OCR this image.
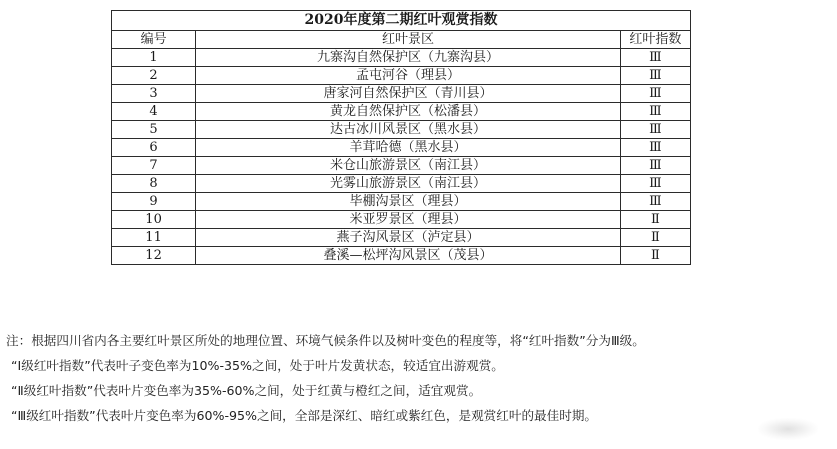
2020年度第二期红叶观赏指数		
编号	红叶景区	红叶指数
1	九寨沟自然保护区（九寨沟县）	Ⅲ
2	孟屯河谷（理县）	Ⅲ
3	唐家河自然保护区（青川县）	Ⅲ
4	黄龙自然保护区（松潘县）	Ⅲ
5	达古冰川风景区（黑水县）	Ⅲ
6	羊茸哈德（黑水县）	Ⅲ
7	米仓山旅游景区（南江县）	Ⅲ
8	光雾山旅游景区（南江县）	Ⅲ
9	毕棚沟景区（理县）	Ⅲ
10	米亚罗景区（理县）	Ⅱ
11	燕子沟风景区（泸定县）	Ⅱ
12	叠溪—松坪沟风景区（茂县）	Ⅱ
注：根据四川省内各主要红叶景区所处的地理位置、环境气候条件以及树叶变色的程度等，将“红叶指数”分为Ⅲ级。
“Ⅰ级红叶指数”代表叶子变色率为10%-35%之间，处于叶片发黄状态，较适宜出游观赏。
“Ⅱ级红叶指数”代表叶片变色率为35%-60%之间，处于红黄与橙红之间，适宜观赏。
“Ⅲ级红叶指数”代表叶片变色率为60%-95%之间，全部是深红、暗红或紫红色，是观赏红叶的最佳时期。
